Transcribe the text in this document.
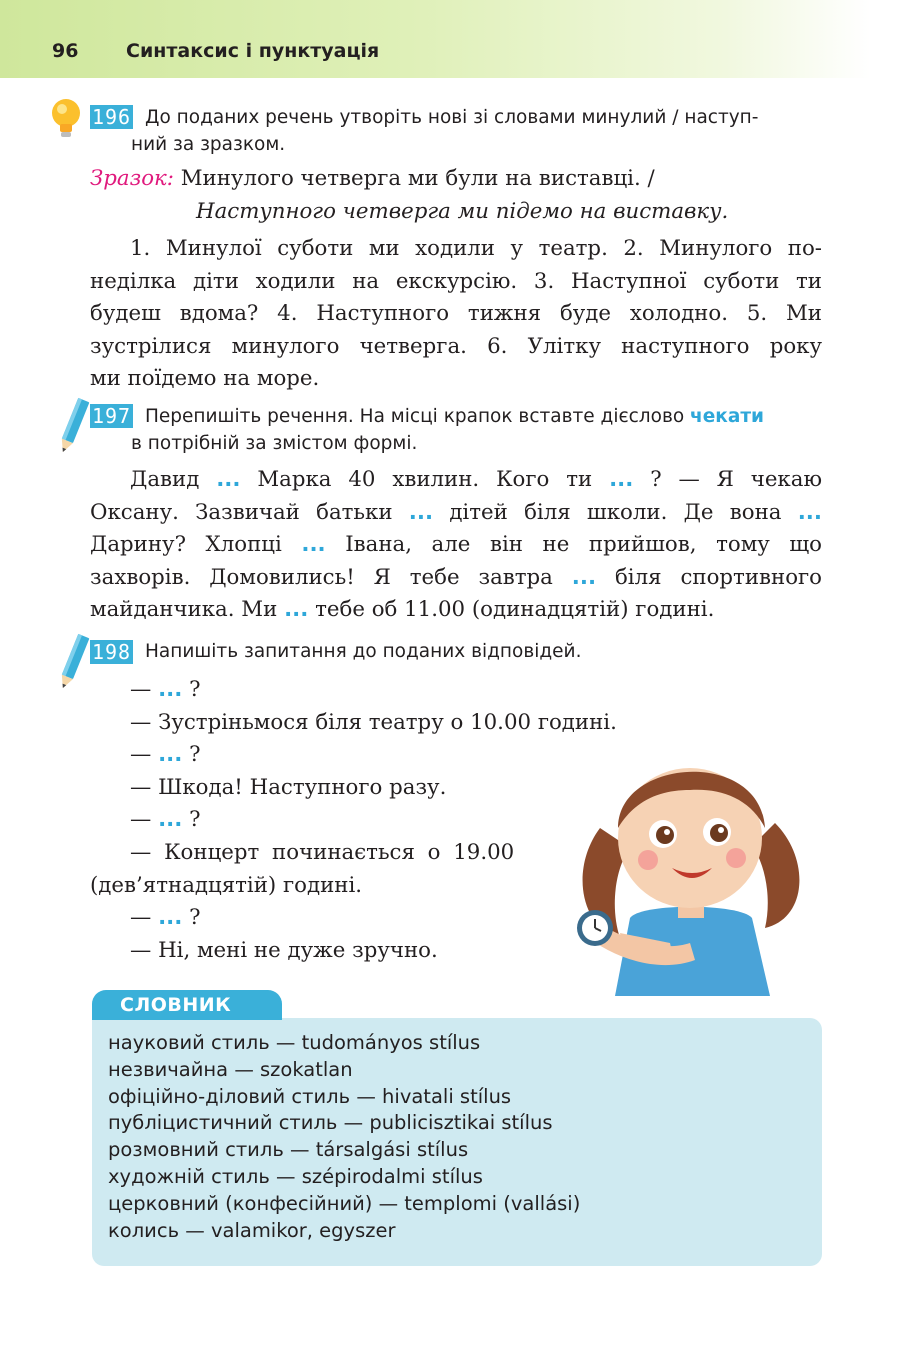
96	Синтаксис і пунктуація
196 До поданих речень утворіть нові зі словами минулий / наступ-
ний за зразком.
Зразок: Минулого четверга ми були на виставці. /
Наступного четверга ми підемо на виставку.
1. Минулої суботи ми ходили у театр. 2. Минулого по-
неділка діти ходили на екскурсію. 3. Наступної суботи ти
будеш вдома? 4. Наступного тижня буде холодно. 5. Ми
зустрілися минулого четверга. 6. Улітку наступного року
ми поїдемо на море.
197 Перепишіть речення. На місці крапок вставте дієслово чекати
в потрібній за змістом формі.
Давид ... Марка 40 хвилин. Кого ти ... ? — Я чекаю
Оксану. Зазвичай батьки ... дітей біля школи. Де вона ...
Дарину? Хлопці ... Івана, але він не прийшов, тому що
захворів. Домовились! Я тебе завтра ... біля спортивного
майданчика. Ми ... тебе об 11.00 (одинадцятій) годині.
198 Напишіть запитання до поданих відповідей.
— ... ?
— Зустріньмося біля театру о 10.00 годині.
— ... ?
— Шкода! Наступного разу.
— ... ?
— Концерт починається о 19.00
(дев’ятнадцятій) годині.
— ... ?
— Ні, мені не дуже зручно.
СЛОВНИК
науковий стиль — tudományos stílus
незвичайна — szokatlan
офіційно-діловий стиль — hivatali stílus
публіцистичний стиль — publicisztikai stílus
розмовний стиль — társalgási stílus
художній стиль — szépirodalmi stílus
церковний (конфесійний) — templomi (vallási)
колись — valamikor, egyszer
